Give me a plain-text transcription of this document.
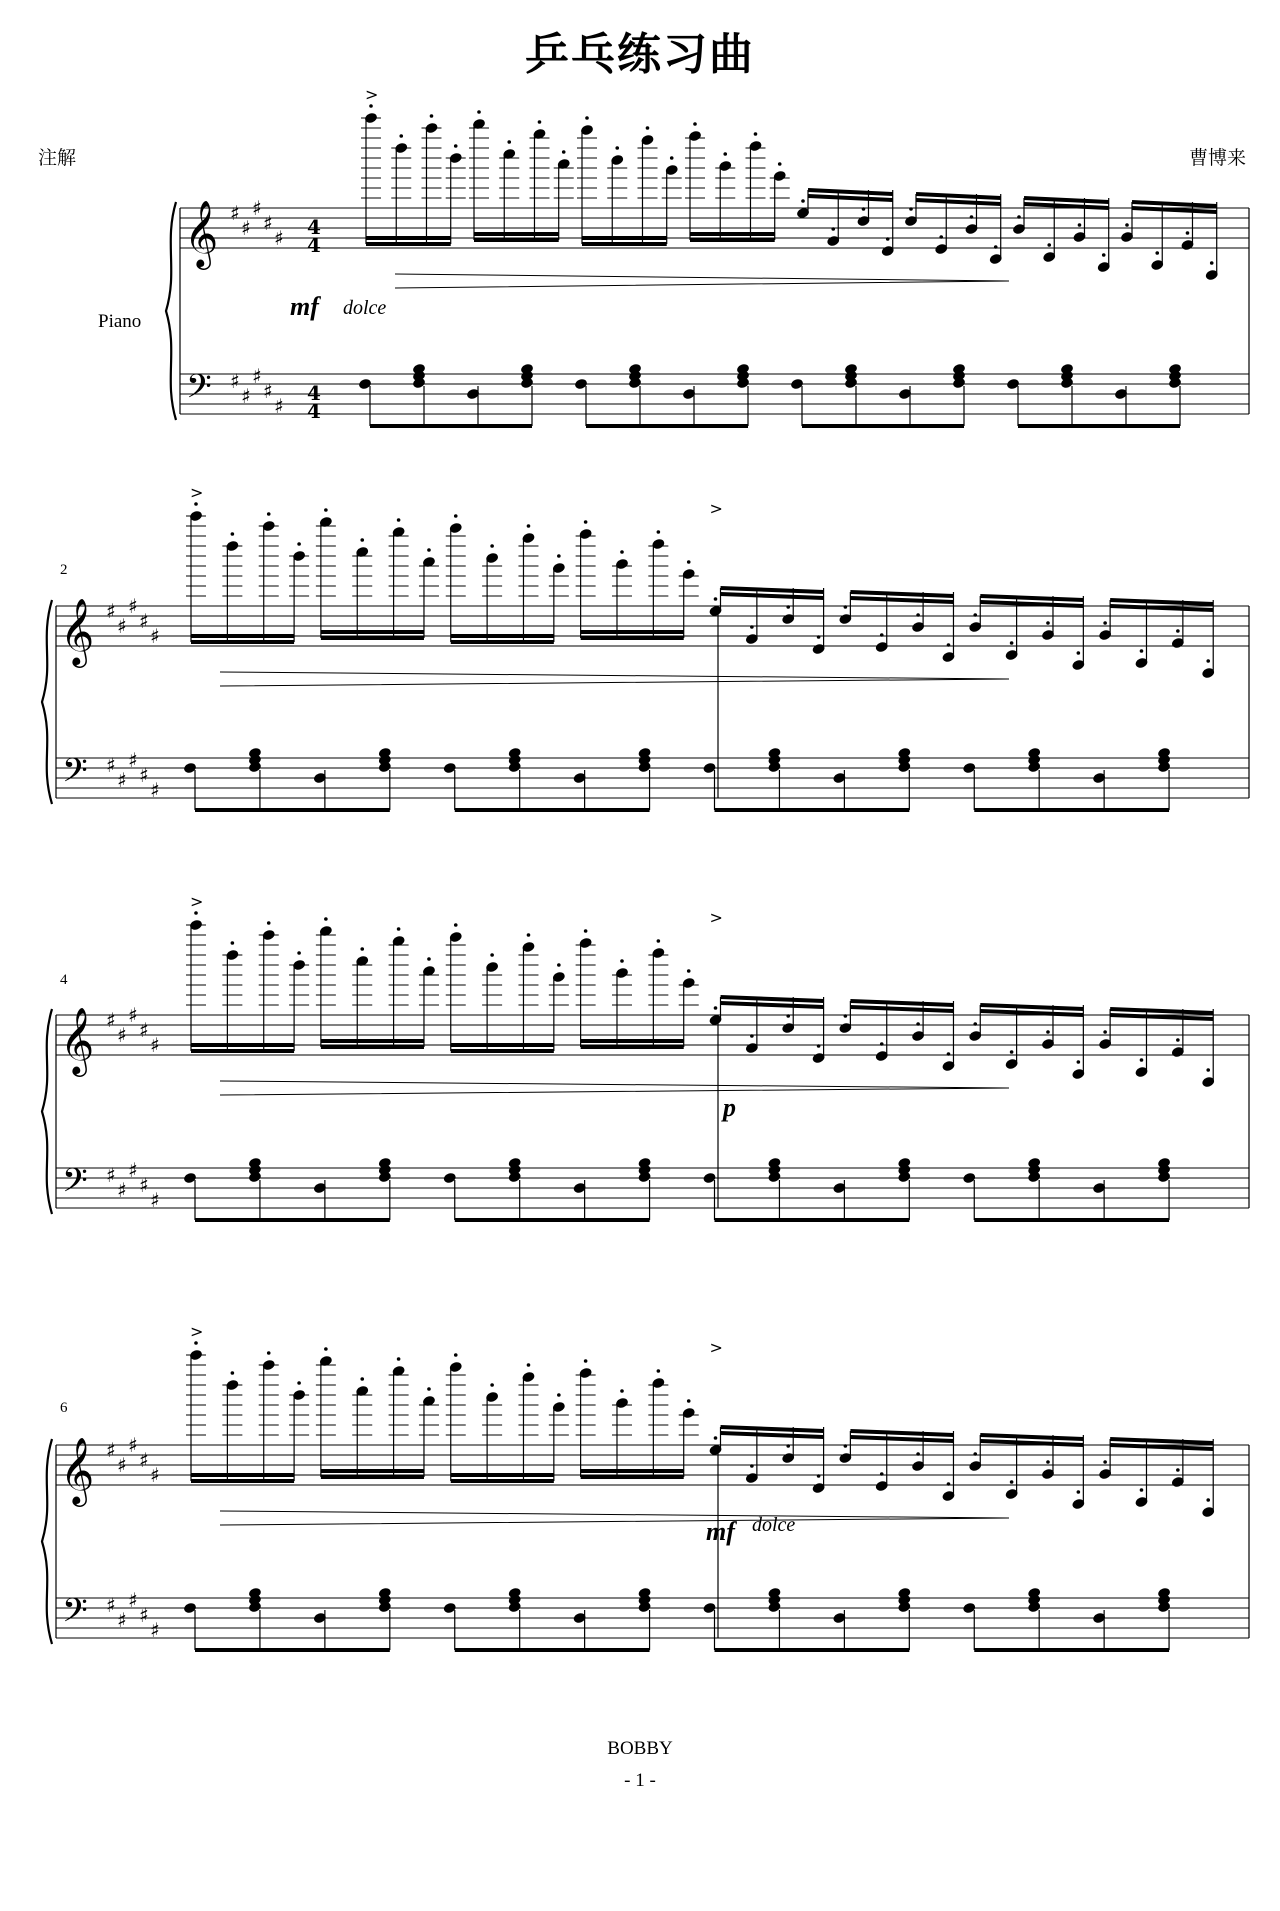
乒乓练习曲
注解	曹博来
Piano
4
4
4
4
2
4
6
mf dolce
p
mf dolce
BOBBY
- 1 -
𝄞
𝄢
♯
♯
♯
♯
♯
♯
♯
♯
♯
♯
𝄞
𝄢
♯
♯
♯
♯
♯
♯
♯
♯
♯
♯
𝄞
𝄢
♯
♯
♯
♯
♯
♯
♯
♯
♯
♯
𝄞
𝄢
♯
♯
♯
♯
♯
♯
♯
♯
♯
♯
>
>
>
>
>
>
>
